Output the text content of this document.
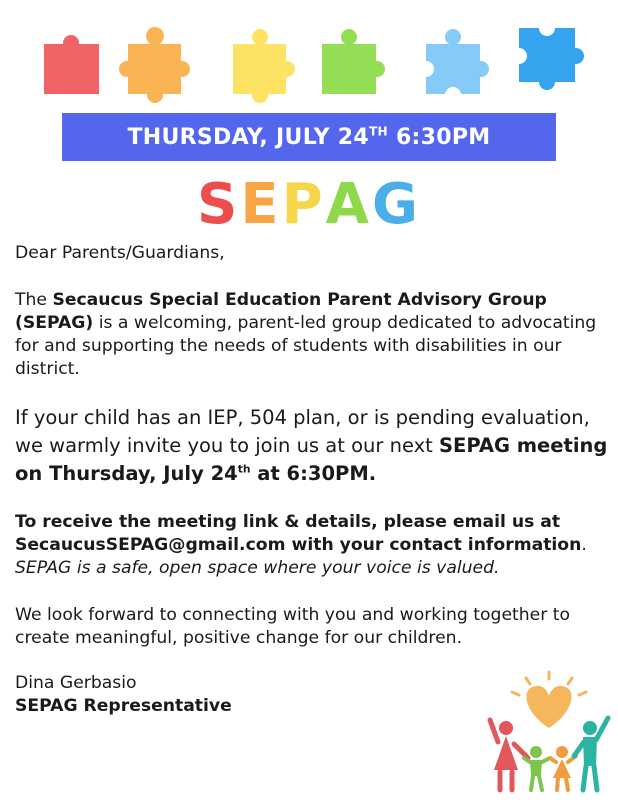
THURSDAY, JULY 24TH 6:30PM
SEPAG

Dear Parents/Guardians,

The Secaucus Special Education Parent Advisory Group (SEPAG) is a welcoming, parent-led group dedicated to advocating for and supporting the needs of students with disabilities in our district.

If your child has an IEP, 504 plan, or is pending evaluation, we warmly invite you to join us at our next SEPAG meeting on Thursday, July 24th at 6:30PM.

To receive the meeting link & details, please email us at SecaucusSEPAG@gmail.com with your contact information.
SEPAG is a safe, open space where your voice is valued.

We look forward to connecting with you and working together to create meaningful, positive change for our children.

Dina Gerbasio

SEPAG Representative
